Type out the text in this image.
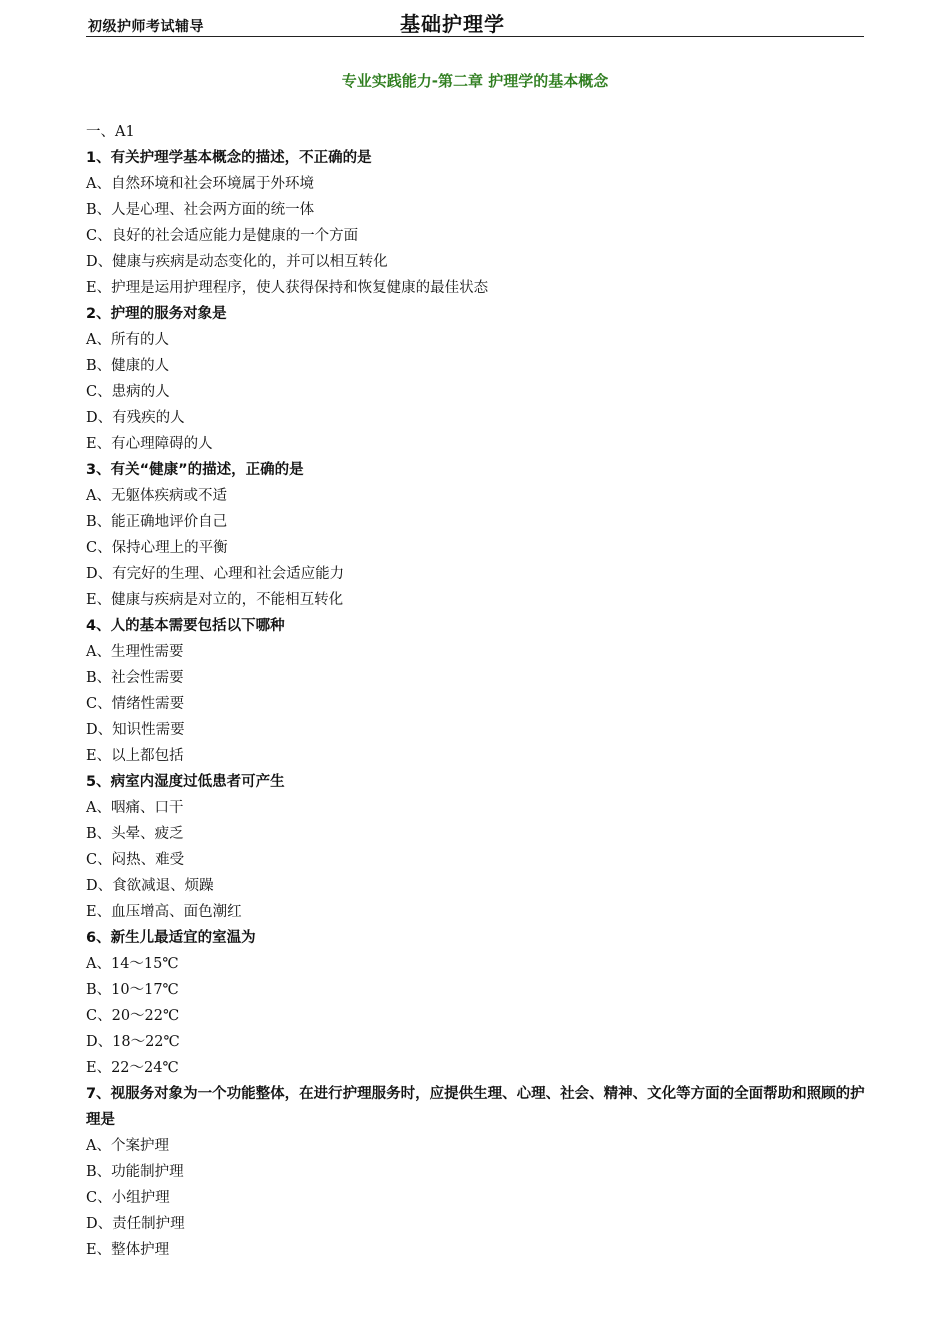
初级护师考试辅导	基础护理学
专业实践能力-第二章 护理学的基本概念
一、A1
1、有关护理学基本概念的描述，不正确的是
A、自然环境和社会环境属于外环境
B、人是心理、社会两方面的统一体
C、良好的社会适应能力是健康的一个方面
D、健康与疾病是动态变化的，并可以相互转化
E、护理是运用护理程序，使人获得保持和恢复健康的最佳状态
2、护理的服务对象是
A、所有的人
B、健康的人
C、患病的人
D、有残疾的人
E、有心理障碍的人
3、有关“健康”的描述，正确的是
A、无躯体疾病或不适
B、能正确地评价自己
C、保持心理上的平衡
D、有完好的生理、心理和社会适应能力
E、健康与疾病是对立的，不能相互转化
4、人的基本需要包括以下哪种
A、生理性需要
B、社会性需要
C、情绪性需要
D、知识性需要
E、以上都包括
5、病室内湿度过低患者可产生
A、咽痛、口干
B、头晕、疲乏
C、闷热、难受
D、食欲减退、烦躁
E、血压增高、面色潮红
6、新生儿最适宜的室温为
A、14～15℃
B、10～17℃
C、20～22℃
D、18～22℃
E、22～24℃
7、视服务对象为一个功能整体，在进行护理服务时，应提供生理、心理、社会、精神、文化等方面的全面帮助和照顾的护理是
A、个案护理
B、功能制护理
C、小组护理
D、责任制护理
E、整体护理
